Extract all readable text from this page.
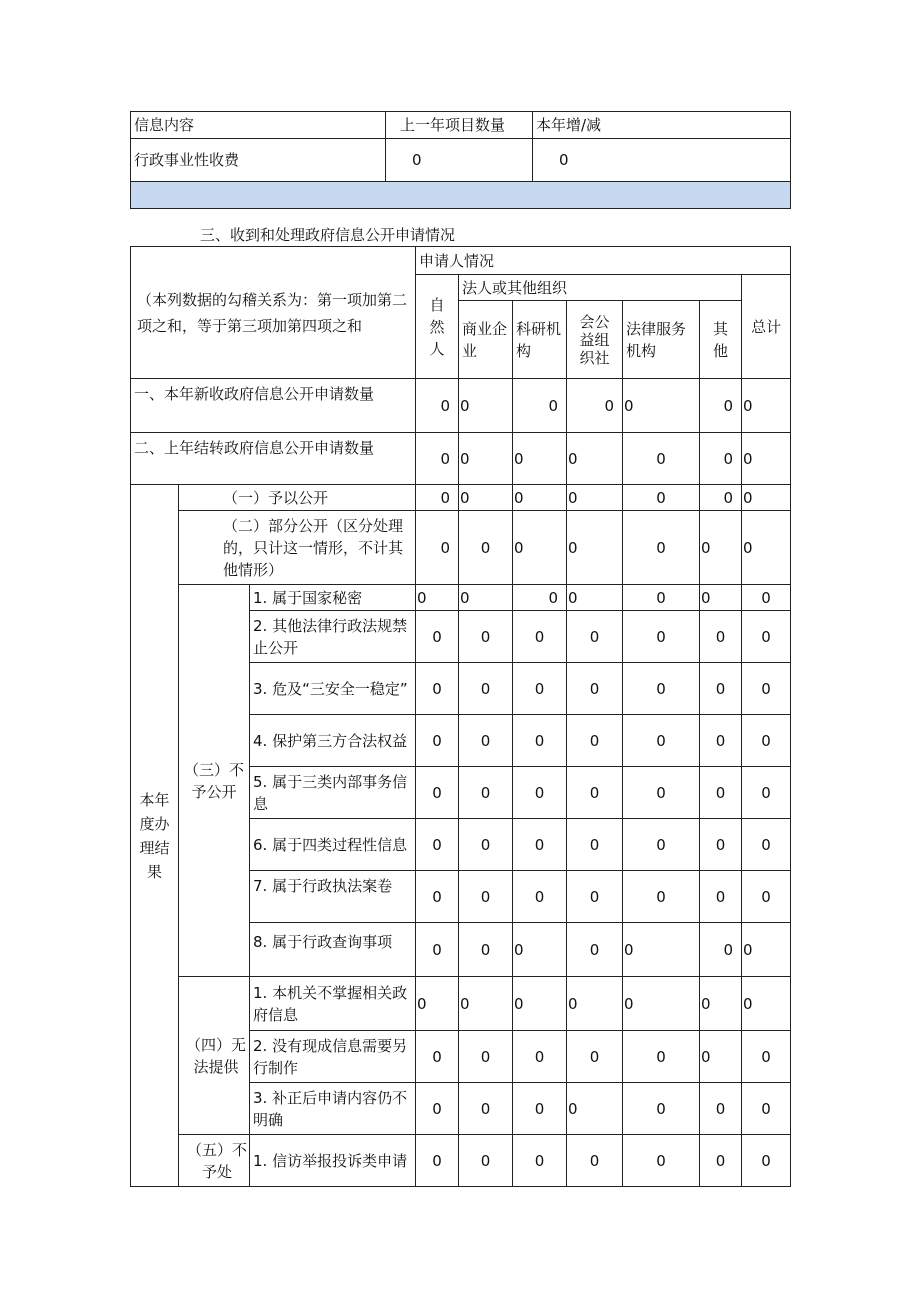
信息内容	上一年项目数量	本年增/减
行政事业性收费	0	0

三、收到和处理政府信息公开申请情况
（本列数据的勾稽关系为：第一项加第二项之和，等于第三项加第四项之和			申请人情况						
			自然人	法人或其他组织					总计
				商业企业	科研机构	会公益组织社	法律服务机构	其他	
一、本年新收政府信息公开申请数量			0	0	0	0	0	0	0
二、上年结转政府信息公开申请数量			0	0	0	0	0	0	0
本年度办理结果	（一）予以公开		0	0	0	0	0	0	0
	（二）部分公开（区分处理的，只计这一情形，不计其他情形）		0	0	0	0	0	0	0
	（三）不予公开	1. 属于国家秘密	0	0	0	0	0	0	0
		2. 其他法律行政法规禁止公开	0	0	0	0	0	0	0
		3. 危及“三安全一稳定”	0	0	0	0	0	0	0
		4. 保护第三方合法权益	0	0	0	0	0	0	0
		5. 属于三类内部事务信息	0	0	0	0	0	0	0
		6. 属于四类过程性信息	0	0	0	0	0	0	0
		7. 属于行政执法案卷	0	0	0	0	0	0	0
		8. 属于行政查询事项	0	0	0	0	0	0	0
	（四）无法提供	1. 本机关不掌握相关政府信息	0	0	0	0	0	0	0
		2. 没有现成信息需要另行制作	0	0	0	0	0	0	0
		3. 补正后申请内容仍不明确	0	0	0	0	0	0	0
	（五）不予处	1. 信访举报投诉类申请	0	0	0	0	0	0	0
